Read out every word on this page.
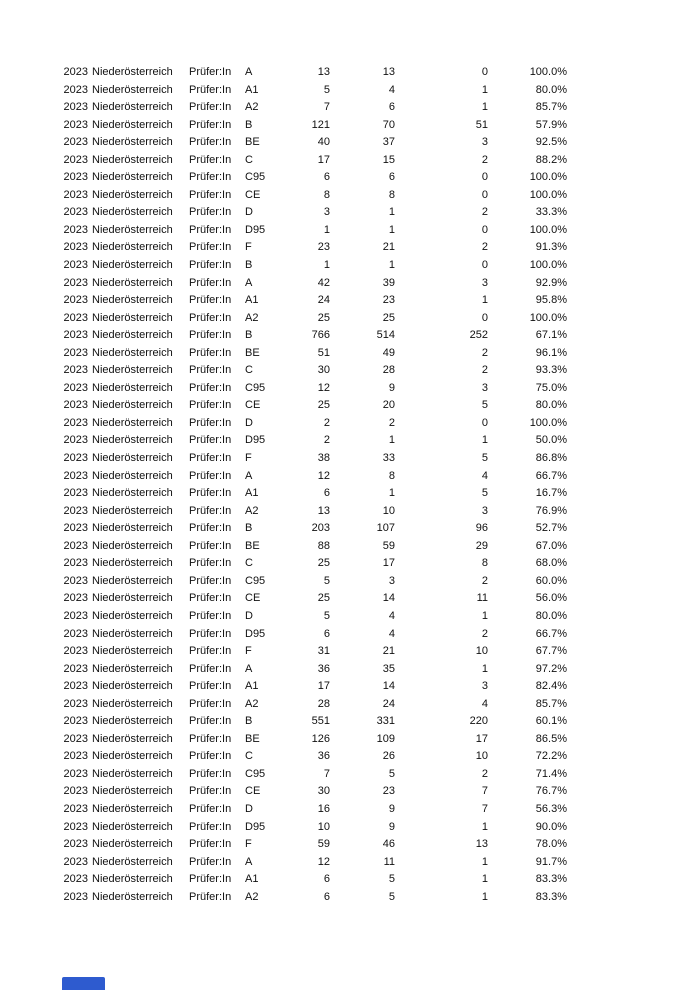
2023 Niederösterreich	Prüfer:In	A	13	13	0	100.0%
2023 Niederösterreich	Prüfer:In	A1	5	4	1	80.0%
2023 Niederösterreich	Prüfer:In	A2	7	6	1	85.7%
2023 Niederösterreich	Prüfer:In	B	121	70	51	57.9%
2023 Niederösterreich	Prüfer:In	BE	40	37	3	92.5%
2023 Niederösterreich	Prüfer:In	C	17	15	2	88.2%
2023 Niederösterreich	Prüfer:In	C95	6	6	0	100.0%
2023 Niederösterreich	Prüfer:In	CE	8	8	0	100.0%
2023 Niederösterreich	Prüfer:In	D	3	1	2	33.3%
2023 Niederösterreich	Prüfer:In	D95	1	1	0	100.0%
2023 Niederösterreich	Prüfer:In	F	23	21	2	91.3%
2023 Niederösterreich	Prüfer:In	B	1	1	0	100.0%
2023 Niederösterreich	Prüfer:In	A	42	39	3	92.9%
2023 Niederösterreich	Prüfer:In	A1	24	23	1	95.8%
2023 Niederösterreich	Prüfer:In	A2	25	25	0	100.0%
2023 Niederösterreich	Prüfer:In	B	766	514	252	67.1%
2023 Niederösterreich	Prüfer:In	BE	51	49	2	96.1%
2023 Niederösterreich	Prüfer:In	C	30	28	2	93.3%
2023 Niederösterreich	Prüfer:In	C95	12	9	3	75.0%
2023 Niederösterreich	Prüfer:In	CE	25	20	5	80.0%
2023 Niederösterreich	Prüfer:In	D	2	2	0	100.0%
2023 Niederösterreich	Prüfer:In	D95	2	1	1	50.0%
2023 Niederösterreich	Prüfer:In	F	38	33	5	86.8%
2023 Niederösterreich	Prüfer:In	A	12	8	4	66.7%
2023 Niederösterreich	Prüfer:In	A1	6	1	5	16.7%
2023 Niederösterreich	Prüfer:In	A2	13	10	3	76.9%
2023 Niederösterreich	Prüfer:In	B	203	107	96	52.7%
2023 Niederösterreich	Prüfer:In	BE	88	59	29	67.0%
2023 Niederösterreich	Prüfer:In	C	25	17	8	68.0%
2023 Niederösterreich	Prüfer:In	C95	5	3	2	60.0%
2023 Niederösterreich	Prüfer:In	CE	25	14	11	56.0%
2023 Niederösterreich	Prüfer:In	D	5	4	1	80.0%
2023 Niederösterreich	Prüfer:In	D95	6	4	2	66.7%
2023 Niederösterreich	Prüfer:In	F	31	21	10	67.7%
2023 Niederösterreich	Prüfer:In	A	36	35	1	97.2%
2023 Niederösterreich	Prüfer:In	A1	17	14	3	82.4%
2023 Niederösterreich	Prüfer:In	A2	28	24	4	85.7%
2023 Niederösterreich	Prüfer:In	B	551	331	220	60.1%
2023 Niederösterreich	Prüfer:In	BE	126	109	17	86.5%
2023 Niederösterreich	Prüfer:In	C	36	26	10	72.2%
2023 Niederösterreich	Prüfer:In	C95	7	5	2	71.4%
2023 Niederösterreich	Prüfer:In	CE	30	23	7	76.7%
2023 Niederösterreich	Prüfer:In	D	16	9	7	56.3%
2023 Niederösterreich	Prüfer:In	D95	10	9	1	90.0%
2023 Niederösterreich	Prüfer:In	F	59	46	13	78.0%
2023 Niederösterreich	Prüfer:In	A	12	11	1	91.7%
2023 Niederösterreich	Prüfer:In	A1	6	5	1	83.3%
2023 Niederösterreich	Prüfer:In	A2	6	5	1	83.3%
